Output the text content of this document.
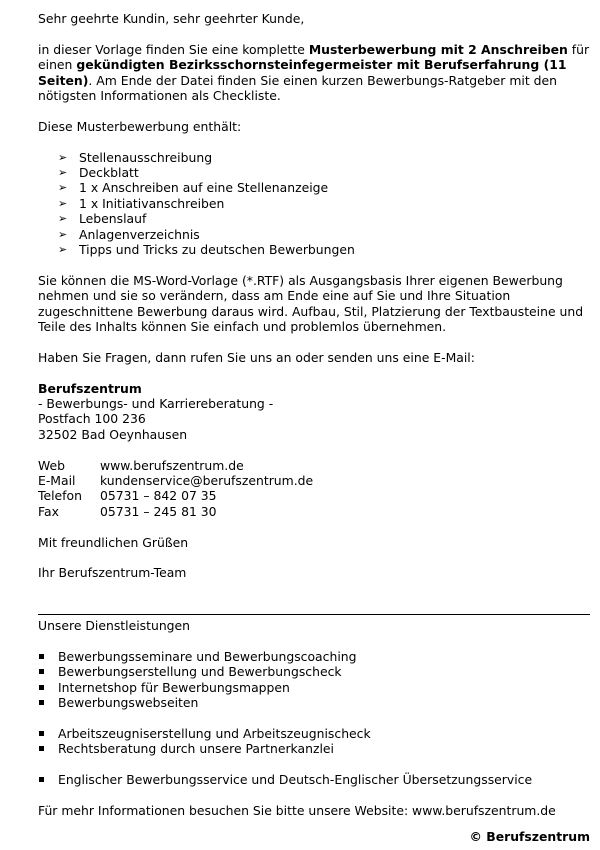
Sehr geehrte Kundin, sehr geehrter Kunde,

in dieser Vorlage finden Sie eine komplette Musterbewerbung mit 2 Anschreiben für einen gekündigten Bezirksschornsteinfegermeister mit Berufserfahrung (11 Seiten). Am Ende der Datei finden Sie einen kurzen Bewerbungs-Ratgeber mit den nötigsten Informationen als Checkliste.

Diese Musterbewerbung enthält:

➢ Stellenausschreibung
➢ Deckblatt
➢ 1 x Anschreiben auf eine Stellenanzeige
➢ 1 x Initiativanschreiben
➢ Lebenslauf
➢ Anlagenverzeichnis
➢ Tipps und Tricks zu deutschen Bewerbungen

Sie können die MS-Word-Vorlage (*.RTF) als Ausgangsbasis Ihrer eigenen Bewerbung nehmen und sie so verändern, dass am Ende eine auf Sie und Ihre Situation zugeschnittene Bewerbung daraus wird. Aufbau, Stil, Platzierung der Textbausteine und Teile des Inhalts können Sie einfach und problemlos übernehmen.

Haben Sie Fragen, dann rufen Sie uns an oder senden uns eine E-Mail:

Berufszentrum

- Bewerbungs- und Karriereberatung -

Postfach 100 236

32502 Bad Oeynhausen

Web	www.berufszentrum.de
E-Mail	kundenservice@berufszentrum.de
Telefon	05731 – 842 07 35
Fax	05731 – 245 81 30

Mit freundlichen Grüßen

Ihr Berufszentrum-Team

Unsere Dienstleistungen

Bewerbungsseminare und Bewerbungscoaching
Bewerbungserstellung und Bewerbungscheck
Internetshop für Bewerbungsmappen
Bewerbungswebseiten
Arbeitszeugniserstellung und Arbeitszeugnischeck
Rechtsberatung durch unsere Partnerkanzlei
Englischer Bewerbungsservice und Deutsch-Englischer Übersetzungsservice

Für mehr Informationen besuchen Sie bitte unsere Website: www.berufszentrum.de

© Berufszentrum
